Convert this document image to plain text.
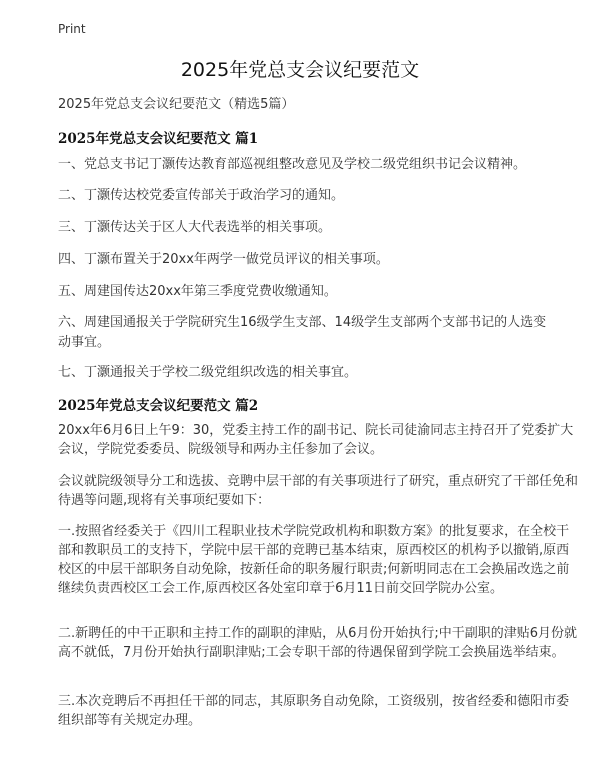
Print
2025年党总支会议纪要范文
2025年党总支会议纪要范文（精选5篇）
2025年党总支会议纪要范文 篇1
一、党总支书记丁灏传达教育部巡视组整改意见及学校二级党组织书记会议精神。
二、丁灏传达校党委宣传部关于政治学习的通知。
三、丁灏传达关于区人大代表选举的相关事项。
四、丁灏布置关于20xx年两学一做党员评议的相关事项。
五、周建国传达20xx年第三季度党费收缴通知。
六、周建国通报关于学院研究生16级学生支部、14级学生支部两个支部书记的人选变动事宜。
七、丁灏通报关于学校二级党组织改选的相关事宜。
2025年党总支会议纪要范文 篇2
20xx年6月6日上午9：30，党委主持工作的副书记、院长司徒渝同志主持召开了党委扩大会议，学院党委委员、院级领导和两办主任参加了会议。
会议就院级领导分工和选拔、竞聘中层干部的有关事项进行了研究，重点研究了干部任免和待遇等问题,现将有关事项纪要如下：
一.按照省经委关于《四川工程职业技术学院党政机构和职数方案》的批复要求，在全校干部和教职员工的支持下，学院中层干部的竞聘已基本结束，原西校区的机构予以撤销,原西校区的中层干部职务自动免除，按新任命的职务履行职责;何新明同志在工会换届改选之前继续负责西校区工会工作,原西校区各处室印章于6月11日前交回学院办公室。
二.新聘任的中干正职和主持工作的副职的津贴，从6月份开始执行;中干副职的津贴6月份就高不就低，7月份开始执行副职津贴;工会专职干部的待遇保留到学院工会换届选举结束。
三.本次竞聘后不再担任干部的同志，其原职务自动免除，工资级别，按省经委和德阳市委组织部等有关规定办理。
